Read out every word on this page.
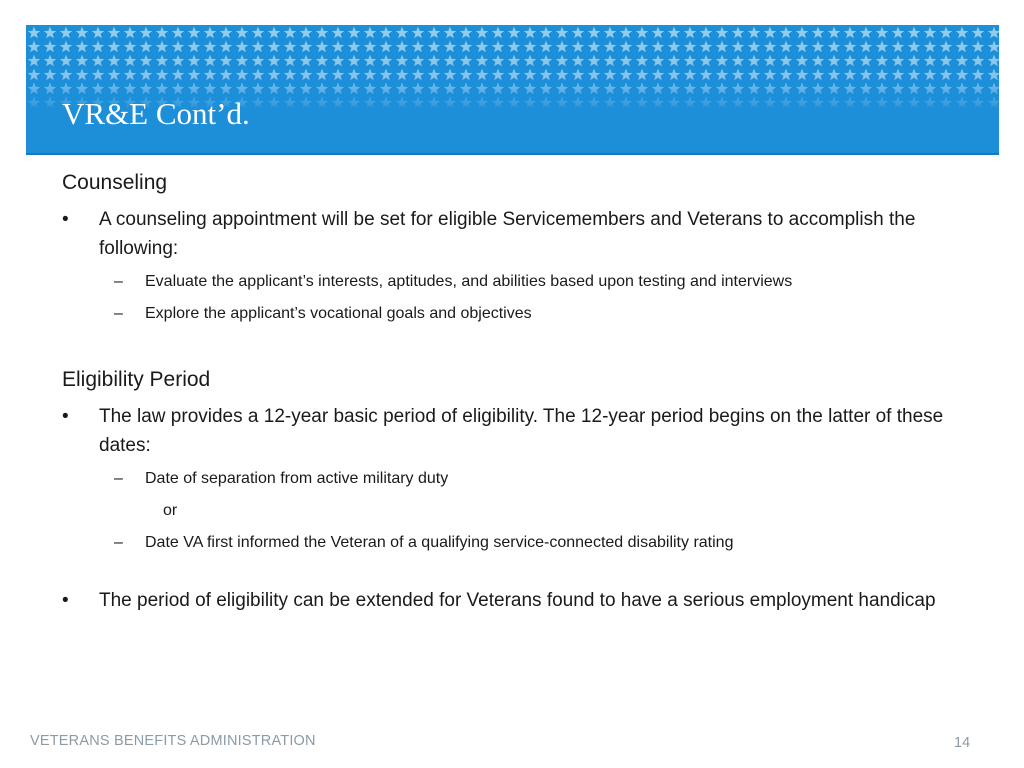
VR&E Cont’d.
Counseling
• A counseling appointment will be set for eligible Servicemembers and Veterans to accomplish the following:
– Evaluate the applicant’s interests, aptitudes, and abilities based upon testing and interviews
– Explore the applicant’s vocational goals and objectives
Eligibility Period
• The law provides a 12-year basic period of eligibility. The 12-year period begins on the latter of these dates:
– Date of separation from active military duty
or
– Date VA first informed the Veteran of a qualifying service-connected disability rating
• The period of eligibility can be extended for Veterans found to have a serious employment handicap
VETERANS BENEFITS ADMINISTRATION	14
